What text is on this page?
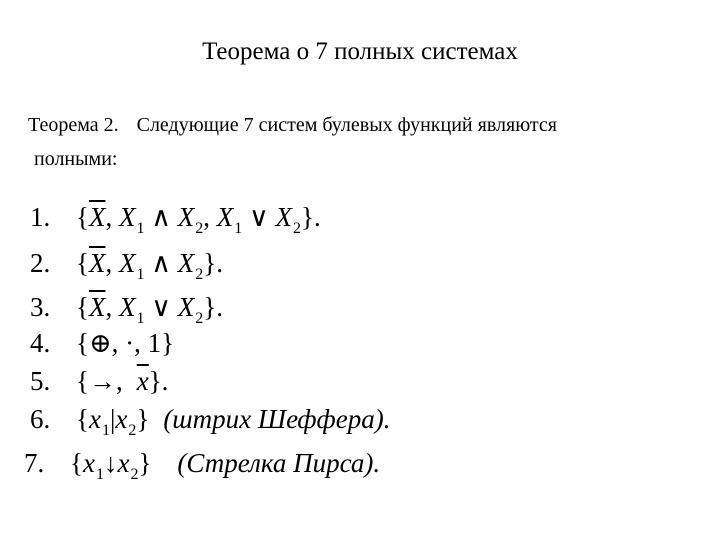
Теорема о 7 полных системах
Теорема 2. Следующие 7 систем булевых функций являются
полными:
1. {$\overline{X}$, $X_1$ ∧ $X_2$, $X_1$ ∨ $X_2$}.
2. {$\overline{X}$, $X_1$ ∧ $X_2$}.
3. {$\overline{X}$, $X_1$ ∨ $X_2$}.
4. {⊕, ·, 1}
5. {→, $\overline{x}$}.
6. $\{x_1|x_2\}$ (штрих Шеффера).
7. $\{x_1↓x_2\}$ (Стрелка Пирса).
